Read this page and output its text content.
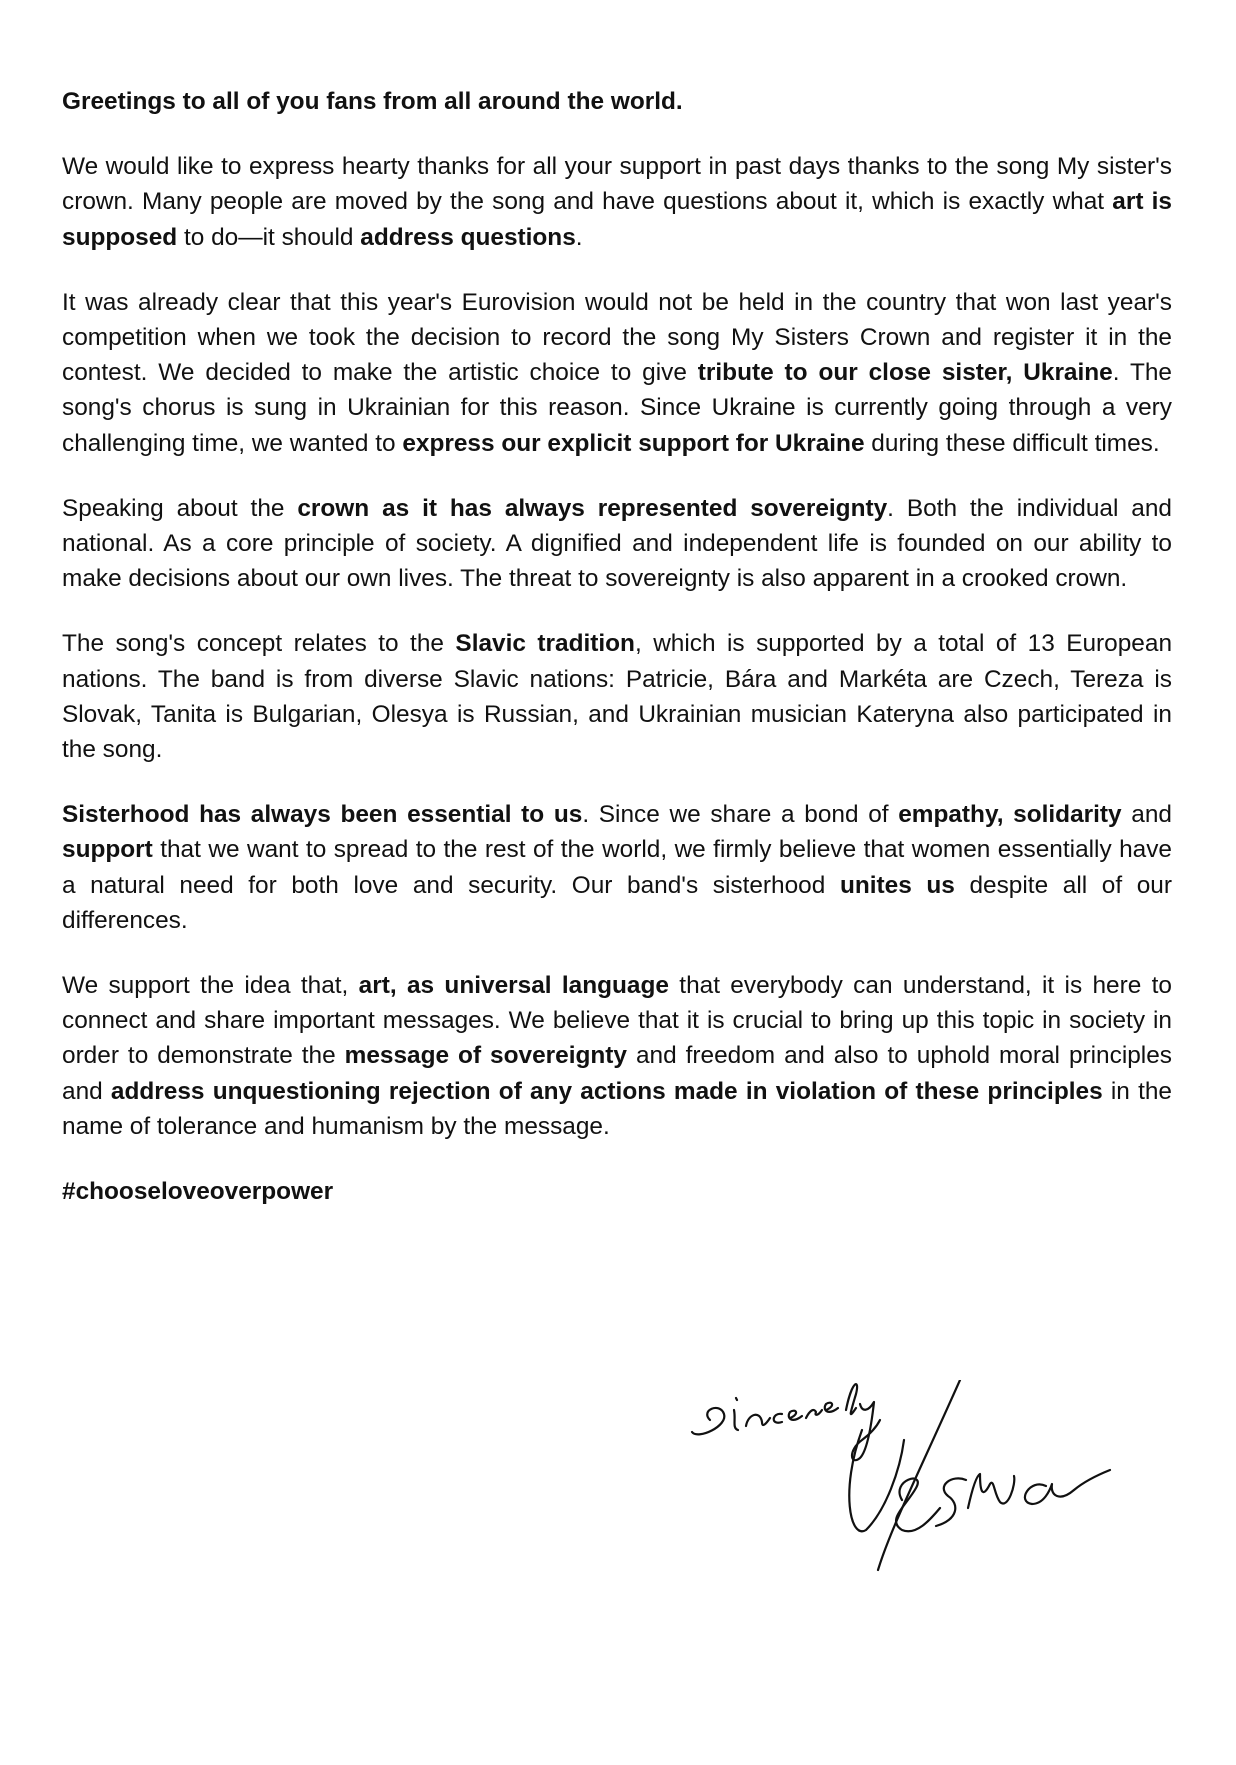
Greetings to all of you fans from all around the world.

We would like to express hearty thanks for all your support in past days thanks to the song My sister's crown. Many people are moved by the song and have questions about it, which is exactly what art is supposed to do—it should address questions.

It was already clear that this year's Eurovision would not be held in the country that won last year's competition when we took the decision to record the song My Sisters Crown and register it in the contest. We decided to make the artistic choice to give tribute to our close sister, Ukraine. The song's chorus is sung in Ukrainian for this reason. Since Ukraine is currently going through a very challenging time, we wanted to express our explicit support for Ukraine during these difficult times.

Speaking about the crown as it has always represented sovereignty. Both the individual and national. As a core principle of society. A dignified and independent life is founded on our ability to make decisions about our own lives. The threat to sovereignty is also apparent in a crooked crown.

The song's concept relates to the Slavic tradition, which is supported by a total of 13 European nations. The band is from diverse Slavic nations: Patricie, Bára and Markéta are Czech, Tereza is Slovak, Tanita is Bulgarian, Olesya is Russian, and Ukrainian musician Kateryna also participated in the song.

Sisterhood has always been essential to us. Since we share a bond of empathy, solidarity and support that we want to spread to the rest of the world, we firmly believe that women essentially have a natural need for both love and security. Our band's sisterhood unites us despite all of our differences.

We support the idea that, art, as universal language that everybody can understand, it is here to connect and share important messages. We believe that it is crucial to bring up this topic in society in order to demonstrate the message of sovereignty and freedom and also to uphold moral principles and address unquestioning rejection of any actions made in violation of these principles in the name of tolerance and humanism by the message.

#chooseloveoverpower
